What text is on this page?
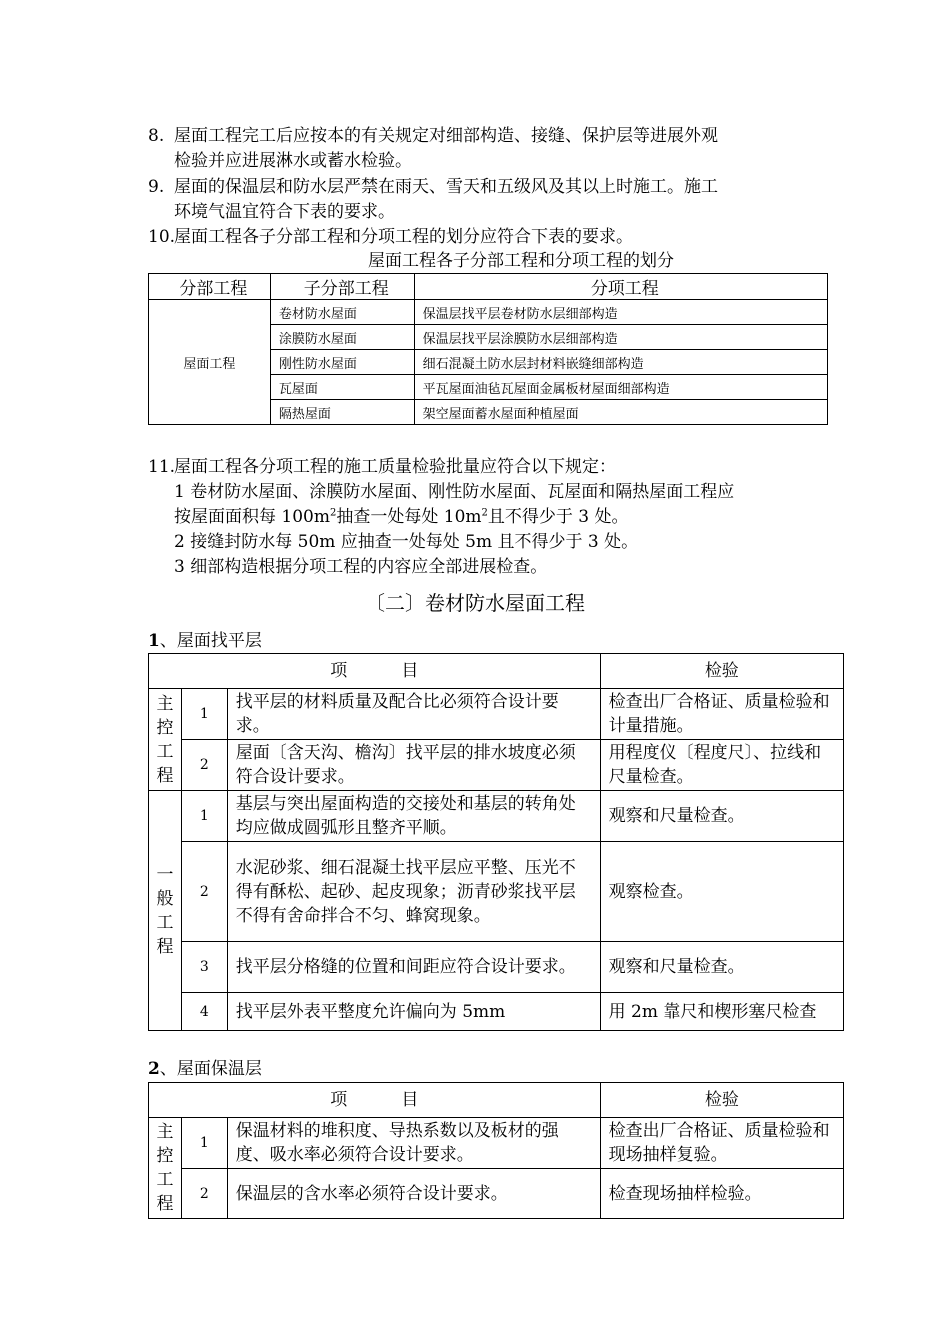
8. 屋面工程完工后应按本的有关规定对细部构造、接缝、保护层等进展外观
检验并应进展淋水或蓄水检验。
9. 屋面的保温层和防水层严禁在雨天、雪天和五级风及其以上时施工。施工
环境气温宜符合下表的要求。
10.屋面工程各子分部工程和分项工程的划分应符合下表的要求。
屋面工程各子分部工程和分项工程的划分
分部工程	子分部工程	分项工程
屋面工程	卷材防水屋面	保温层找平层卷材防水层细部构造
	涂膜防水屋面	保温层找平层涂膜防水层细部构造
	刚性防水屋面	细石混凝土防水层封材料嵌缝细部构造
	瓦屋面	平瓦屋面油毡瓦屋面金属板材屋面细部构造
	隔热屋面	架空屋面蓄水屋面种植屋面
11.屋面工程各分项工程的施工质量检验批量应符合以下规定：
1 卷材防水屋面、涂膜防水屋面、刚性防水屋面、瓦屋面和隔热屋面工程应
按屋面面积每 $100m^2$抽查一处每处 $10m^2$且不得少于 3 处。
2 接缝封防水每 50m 应抽查一处每处 5m 且不得少于 3 处。
3 细部构造根据分项工程的内容应全部进展检查。
〔二〕卷材防水屋面工程
1、屋面找平层
项          目			检验

主
控
工
程	1	找平层的材料质量及配合比必须符合设计要求。	检查出厂合格证、质量检验和计量措施。
	2	屋面〔含天沟、檐沟〕找平层的排水坡度必须符合设计要求。	用程度仪〔程度尺〕、拉线和尺量检查。

一
般
工
程	1	基层与突出屋面构造的交接处和基层的转角处均应做成圆弧形且整齐平顺。	观察和尺量检查。
	2	水泥砂浆、细石混凝土找平层应平整、压光不得有酥松、起砂、起皮现象；沥青砂浆找平层不得有舍命拌合不匀、蜂窝现象。	观察检查。
	3	找平层分格缝的位置和间距应符合设计要求。	观察和尺量检查。
	4	找平层外表平整度允许偏向为 5mm	用 2m 靠尺和楔形塞尺检查
2、屋面保温层
项          目			检验

主
控
工
程	1	保温材料的堆积度、导热系数以及板材的强度、吸水率必须符合设计要求。	检查出厂合格证、质量检验和现场抽样复验。
	2	保温层的含水率必须符合设计要求。	检查现场抽样检验。
